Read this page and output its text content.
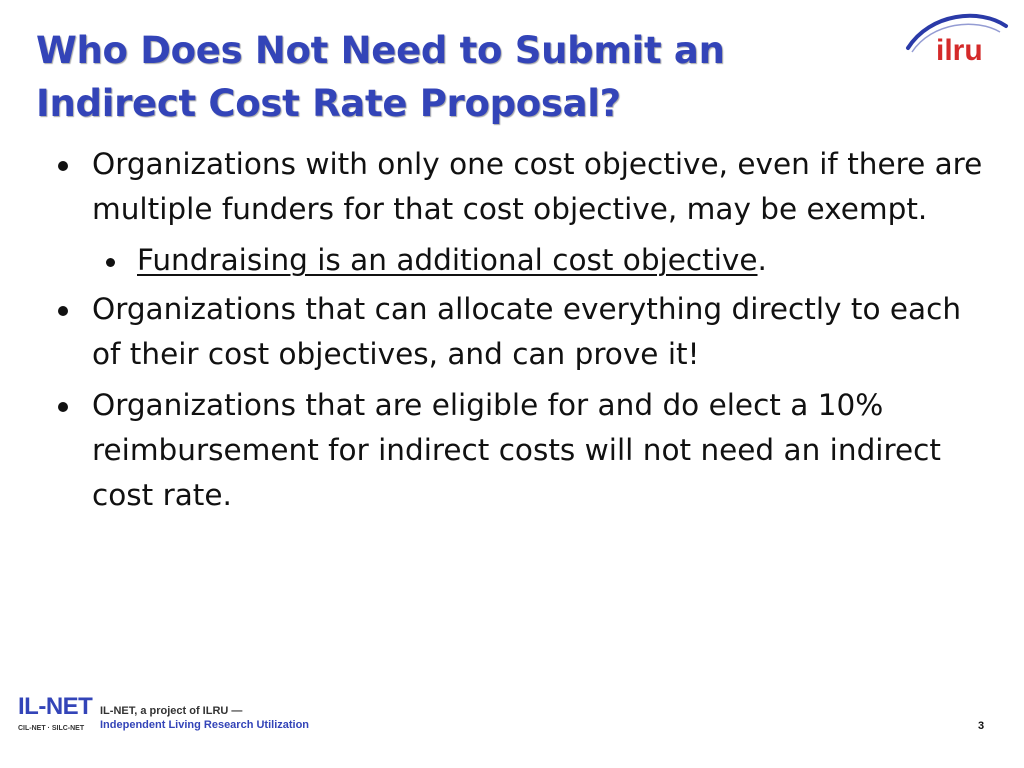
Who Does Not Need to Submit an
Indirect Cost Rate Proposal?
ilru
Organizations with only one cost objective, even if there are multiple funders for that cost objective, may be exempt.
Fundraising is an additional cost objective.
Organizations that can allocate everything directly to each of their cost objectives, and can prove it!
Organizations that are eligible for and do elect a 10% reimbursement for indirect costs will not need an indirect cost rate.
IL-NET
CIL-NET · SILC-NET
IL-NET, a project of ILRU —
Independent Living Research Utilization	3
